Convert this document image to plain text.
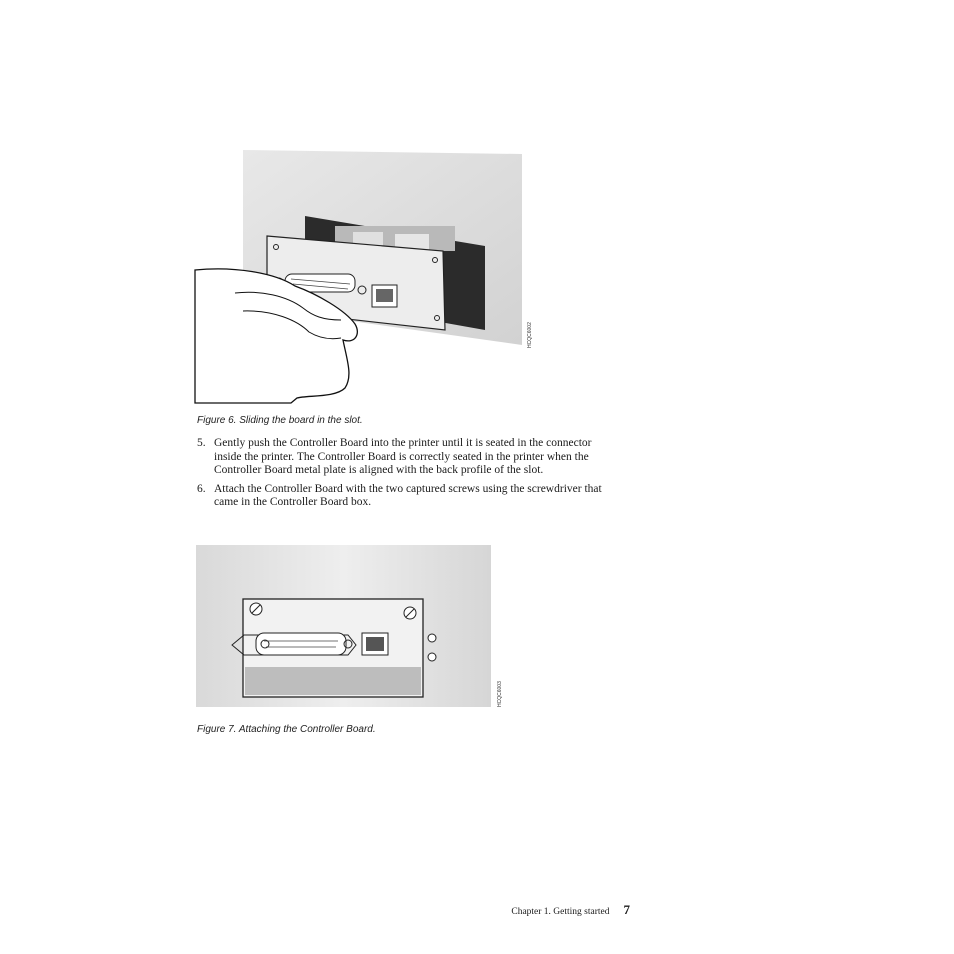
HCQC6002
Figure 6. Sliding the board in the slot.
5. Gently push the Controller Board into the printer until it is seated in the connector inside the printer. The Controller Board is correctly seated in the printer when the Controller Board metal plate is aligned with the back profile of the slot.
6. Attach the Controller Board with the two captured screws using the screwdriver that came in the Controller Board box.
HCQC6003
Figure 7. Attaching the Controller Board.
Chapter 1. Getting started 7
